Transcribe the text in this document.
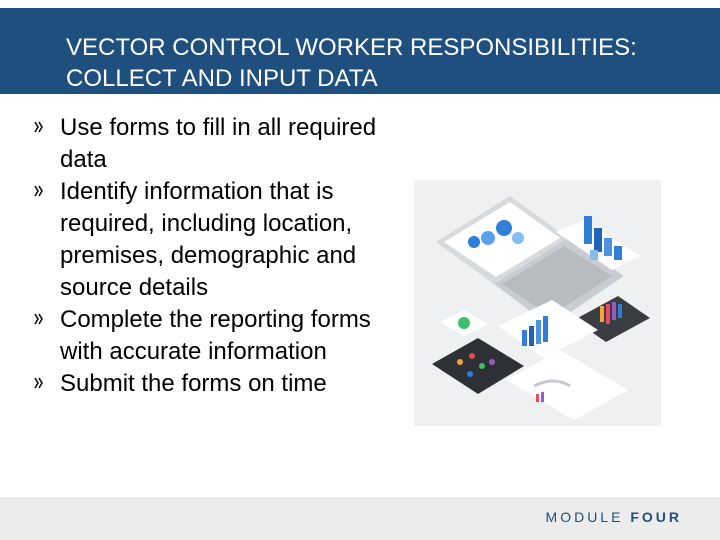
VECTOR CONTROL WORKER RESPONSIBILITIES: COLLECT AND INPUT DATA
Use forms to fill in all required data
Identify information that is required, including location, premises, demographic and source details
Complete the reporting forms with accurate information
Submit the forms on time
MODULE FOUR
